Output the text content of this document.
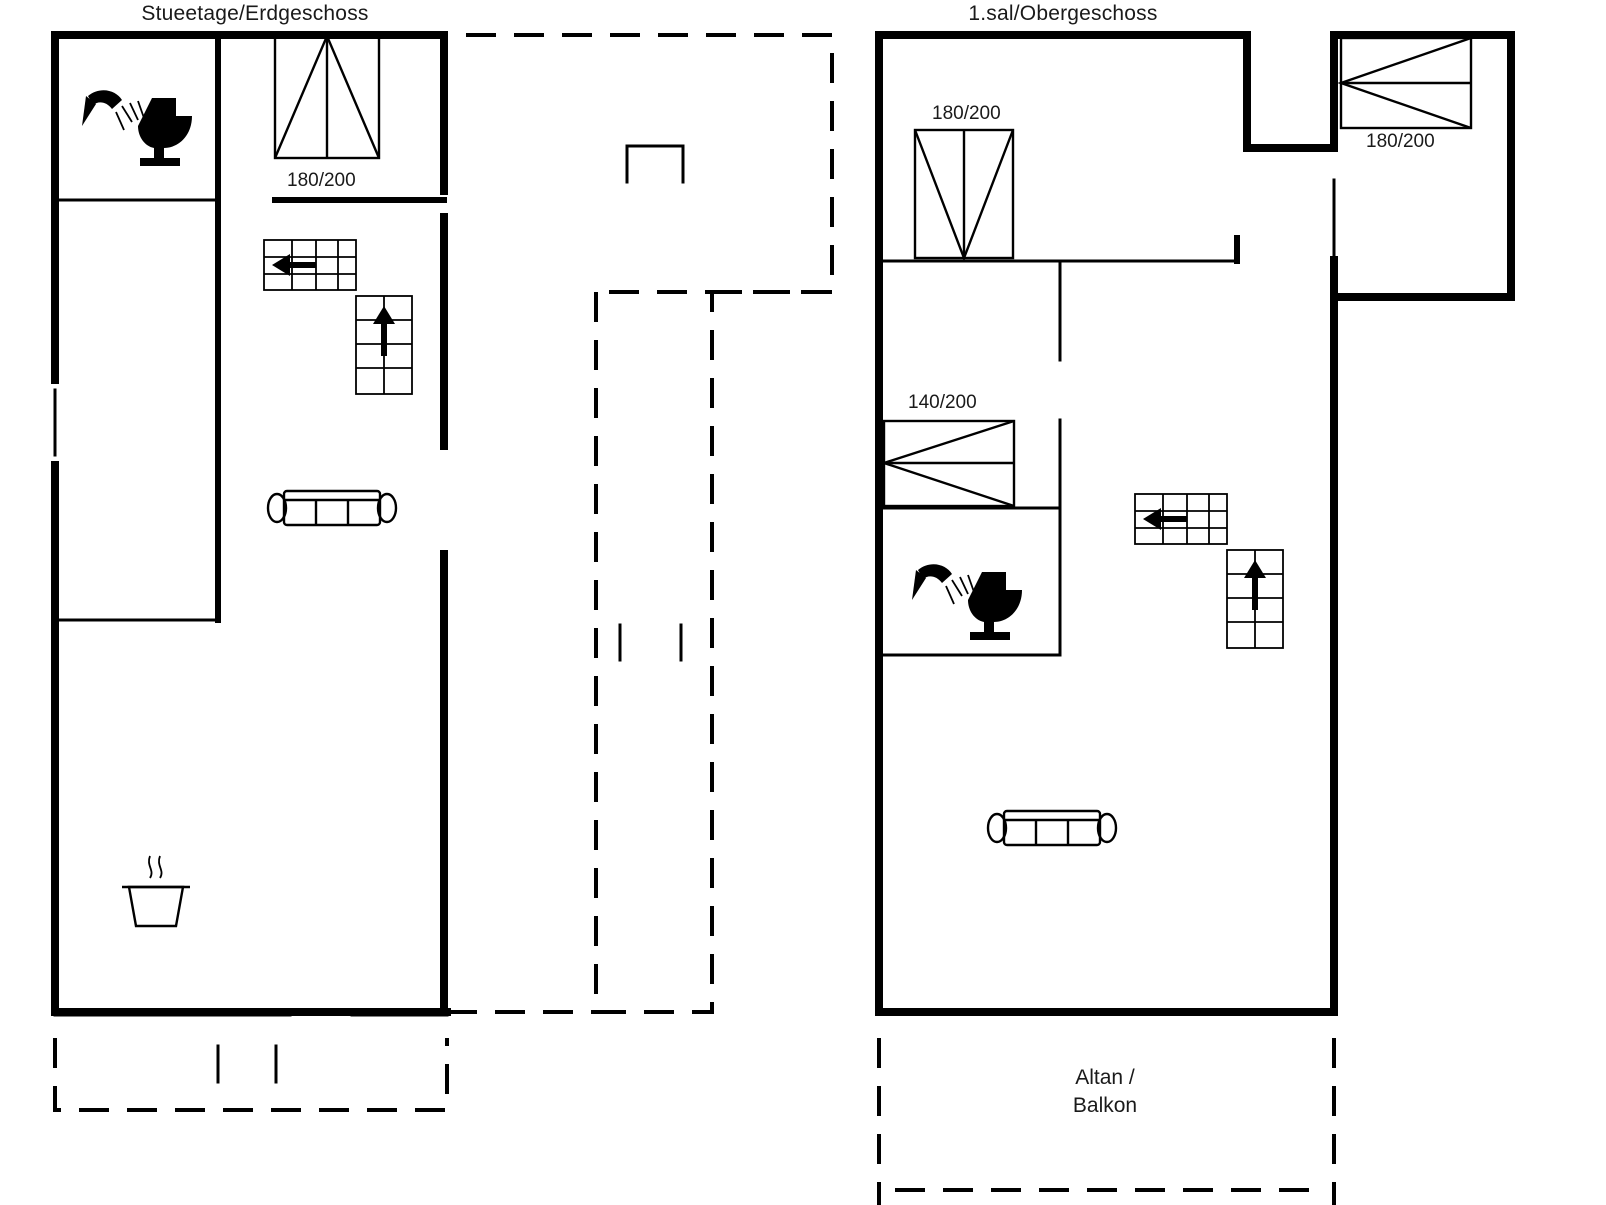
Stueetage/Erdgeschoss	1.sal/Obergeschoss
180/200
180/200
180/200
140/200
Altan /
Balkon
